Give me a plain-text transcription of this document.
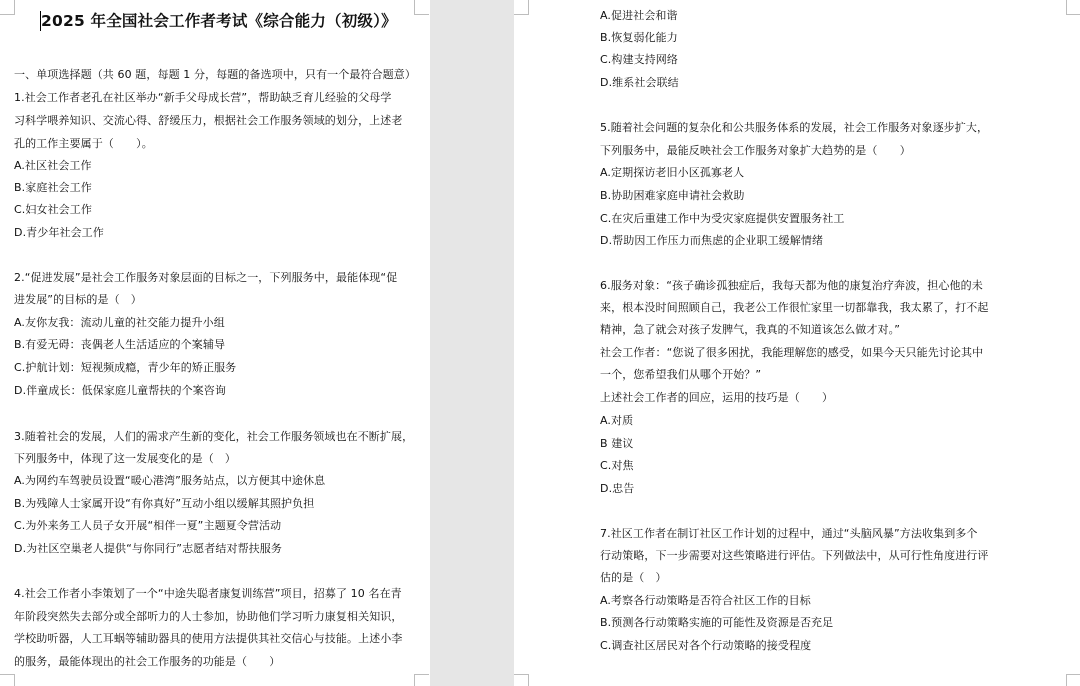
2025 年全国社会工作者考试《综合能力（初级）》
一、单项选择题（共 60 题，每题 1 分，每题的备选项中，只有一个最符合题意）
1.社会工作者老孔在社区举办“新手父母成长营”，帮助缺乏育儿经验的父母学
习科学喂养知识、交流心得、舒缓压力，根据社会工作服务领域的划分，上述老
孔的工作主要属于（　　）。
A.社区社会工作
B.家庭社会工作
C.妇女社会工作
D.青少年社会工作
2.“促进发展”是社会工作服务对象层面的目标之一，下列服务中，最能体现“促
进发展”的目标的是（　）
A.友你友我：流动儿童的社交能力提升小组
B.有爱无碍：丧偶老人生活适应的个案辅导
C.护航计划：短视频成瘾，青少年的矫正服务
D.伴童成长：低保家庭儿童帮扶的个案咨询
3.随着社会的发展，人们的需求产生新的变化，社会工作服务领域也在不断扩展，
下列服务中，体现了这一发展变化的是（　）
A.为网约车驾驶员设置“暖心港湾”服务站点，以方便其中途休息
B.为残障人士家属开设“有你真好”互动小组以缓解其照护负担
C.为外来务工人员子女开展“相伴一夏”主题夏令营活动
D.为社区空巢老人提供“与你同行”志愿者结对帮扶服务
4.社会工作者小李策划了一个“中途失聪者康复训练营”项目，招募了 10 名在青
年阶段突然失去部分或全部听力的人士参加，协助他们学习听力康复相关知识，
学校助听器，人工耳蜗等辅助器具的使用方法提供其社交信心与技能。上述小李
的服务，最能体现出的社会工作服务的功能是（　　）
A.促进社会和谐
B.恢复弱化能力
C.构建支持网络
D.维系社会联结
5.随着社会问题的复杂化和公共服务体系的发展，社会工作服务对象逐步扩大，
下列服务中，最能反映社会工作服务对象扩大趋势的是（　　）
A.定期探访老旧小区孤寡老人
B.协助困难家庭申请社会救助
C.在灾后重建工作中为受灾家庭提供安置服务社工
D.帮助因工作压力而焦虑的企业职工缓解情绪
6.服务对象：“孩子确诊孤独症后，我每天都为他的康复治疗奔波，担心他的未
来，根本没时间照顾自己，我老公工作很忙家里一切都靠我，我太累了，打不起
精神，急了就会对孩子发脾气，我真的不知道该怎么做才对。”
社会工作者：“您说了很多困扰，我能理解您的感受，如果今天只能先讨论其中
一个，您希望我们从哪个开始？”
上述社会工作者的回应，运用的技巧是（　　）
A.对质
B 建议
C.对焦
D.忠告
7.社区工作者在制订社区工作计划的过程中，通过“头脑风暴”方法收集到多个
行动策略，下一步需要对这些策略进行评估。下列做法中，从可行性角度进行评
估的是（　）
A.考察各行动策略是否符合社区工作的目标
B.预测各行动策略实施的可能性及资源是否充足
C.调查社区居民对各个行动策略的接受程度
